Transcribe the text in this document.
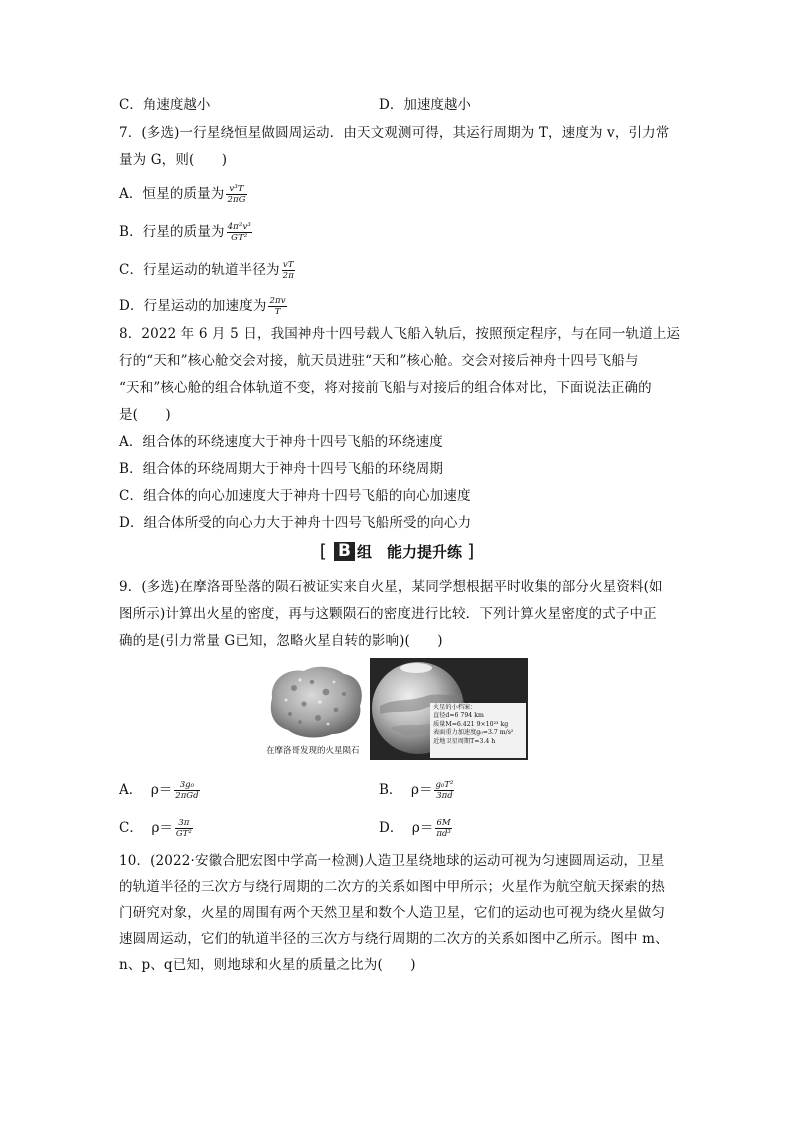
C．角速度越小	D．加速度越小
7．(多选)一行星绕恒星做圆周运动．由天文观测可得，其运行周期为 T，速度为 v，引力常
量为 G，则(　　)
A．恒星的质量为 $\frac{\text{v³T}}{2\pi G}$
B．行星的质量为 $\frac{\text{4π²v³}}{\text{GT²}}$
C．行星运动的轨道半径为 $\frac{vT}{2\pi}$
D．行星运动的加速度为 $\frac{2\pi v}{T}$
8．2022 年 6 月 5 日，我国神舟十四号载人飞船入轨后，按照预定程序，与在同一轨道上运
行的“天和”核心舱交会对接，航天员进驻“天和”核心舱。交会对接后神舟十四号飞船与
“天和”核心舱的组合体轨道不变，将对接前飞船与对接后的组合体对比，下面说法正确的
是(　　)
A．组合体的环绕速度大于神舟十四号飞船的环绕速度
B．组合体的环绕周期大于神舟十四号飞船的环绕周期
C．组合体的向心加速度大于神舟十四号飞船的向心加速度
D．组合体所受的向心力大于神舟十四号飞船所受的向心力
[ B 组　能力提升练 ]
9．(多选)在摩洛哥坠落的陨石被证实来自火星，某同学想根据平时收集的部分火星资料(如
图所示)计算出火星的密度，再与这颗陨石的密度进行比较．下列计算火星密度的式子中正
确的是(引力常量 G已知，忽略火星自转的影响)(　　)
在摩洛哥发现的火星陨石
火星的小档案：
直径d=6 794 km
质量M=6.421 9×10²³ kg
表面重力加速度g₀=3.7 m/s²
近地卫星周期T=3.4 h
A． $\rho= \frac{\text{3g₀}}{\text{2πGd}}$	B． $\rho= \frac{\text{g₀T²}}{3\pi d}$
C． $\rho= \frac{3\pi}{\text{GT²}}$	D． $\rho= \frac{6M}{\text{πd³}}$
10．(2022·安徽合肥宏图中学高一检测)人造卫星绕地球的运动可视为匀速圆周运动，卫星
的轨道半径的三次方与绕行周期的二次方的关系如图中甲所示；火星作为航空航天探索的热
门研究对象，火星的周围有两个天然卫星和数个人造卫星，它们的运动也可视为绕火星做匀
速圆周运动，它们的轨道半径的三次方与绕行周期的二次方的关系如图中乙所示。图中 m、
n、p、q已知，则地球和火星的质量之比为(　　)
